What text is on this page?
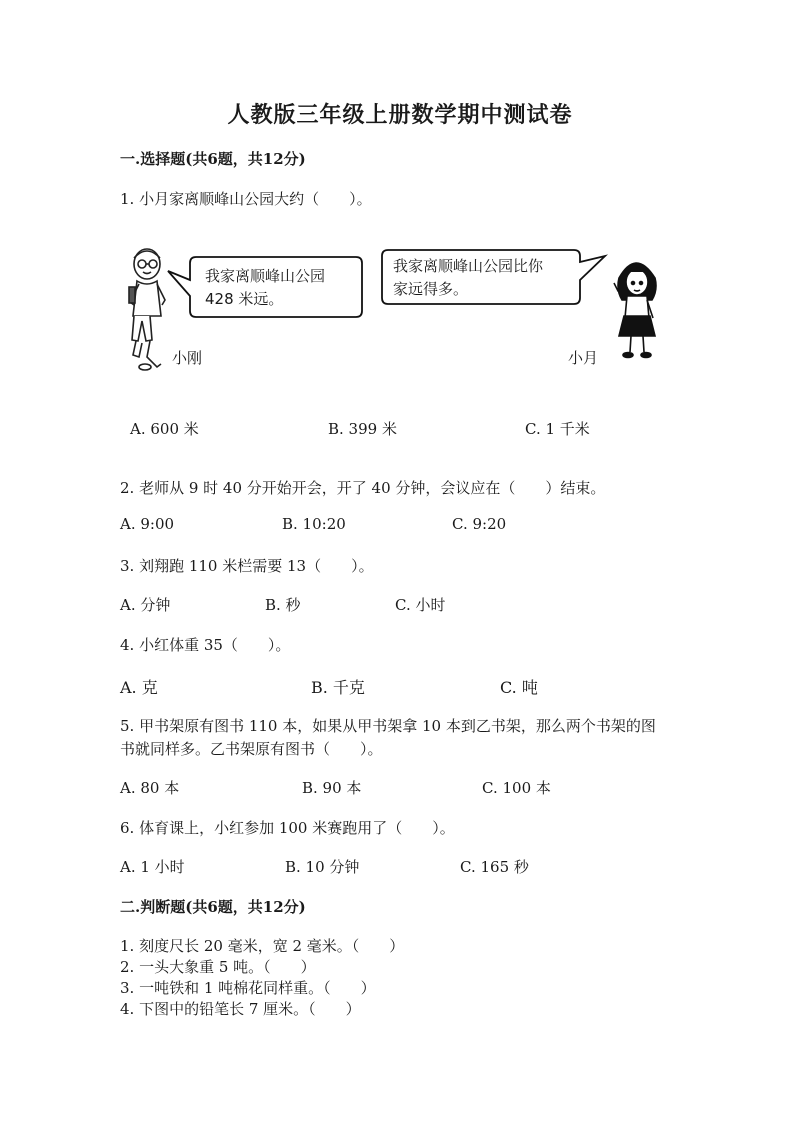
人教版三年级上册数学期中测试卷
一.选择题(共6题，共12分)
1. 小月家离顺峰山公园大约（　　）。
我家离顺峰山公园
428 米远。
我家离顺峰山公园比你
家远得多。
小刚	小月
A. 600 米	B. 399 米	C. 1 千米
2. 老师从 9 时 40 分开始开会，开了 40 分钟，会议应在（　　）结束。
A. 9:00	B. 10:20	C. 9:20
3. 刘翔跑 110 米栏需要 13（　　）。
A. 分钟	B. 秒	C. 小时
4. 小红体重 35（　　）。
A. 克	B. 千克	C. 吨
5. 甲书架原有图书 110 本，如果从甲书架拿 10 本到乙书架，那么两个书架的图
书就同样多。乙书架原有图书（　　）。
A. 80 本	B. 90 本	C. 100 本
6. 体育课上，小红参加 100 米赛跑用了（　　）。
A. 1 小时	B. 10 分钟	C. 165 秒
二.判断题(共6题，共12分)
1. 刻度尺长 20 毫米，宽 2 毫米。（　　）
2. 一头大象重 5 吨。（　　）
3. 一吨铁和 1 吨棉花同样重。（　　）
4. 下图中的铅笔长 7 厘米。（　　）
